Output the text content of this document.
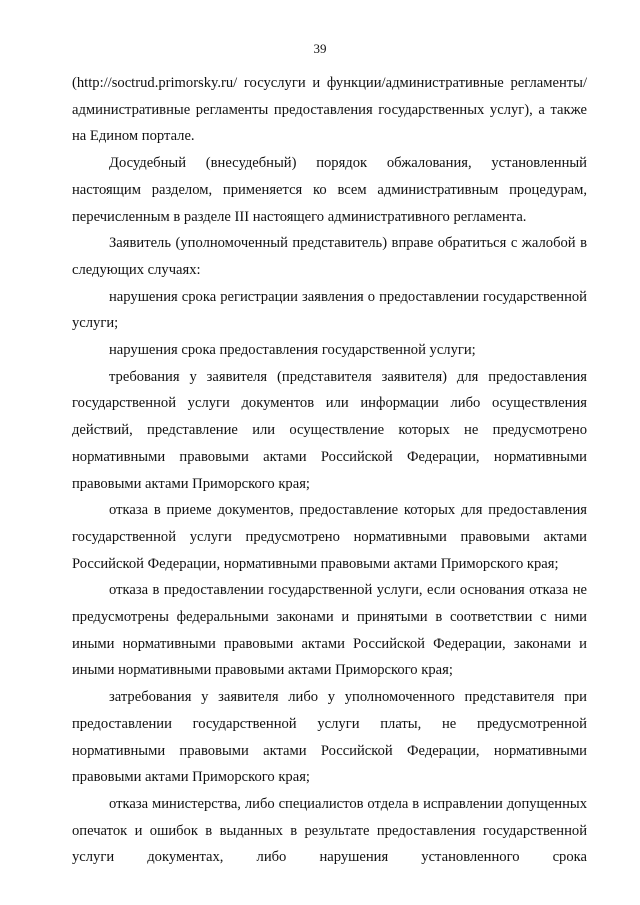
39

(http://soctrud.primorsky.ru/ госуслуги и функции/административные регламенты/административные регламенты предоставления государственных услуг), а также на Едином портале.

Досудебный (внесудебный) порядок обжалования, установленный настоящим разделом, применяется ко всем административным процедурам, перечисленным в разделе III настоящего административного регламента.

Заявитель (уполномоченный представитель) вправе обратиться с жалобой в следующих случаях:

нарушения срока регистрации заявления о предоставлении государственной услуги;

нарушения срока предоставления государственной услуги;

требования у заявителя (представителя заявителя) для предоставления государственной услуги документов или информации либо осуществления действий, представление или осуществление которых не предусмотрено нормативными правовыми актами Российской Федерации, нормативными правовыми актами Приморского края;

отказа в приеме документов, предоставление которых для предоставления государственной услуги предусмотрено нормативными правовыми актами Российской Федерации, нормативными правовыми актами Приморского края;

отказа в предоставлении государственной услуги, если основания отказа не предусмотрены федеральными законами и принятыми в соответствии с ними иными нормативными правовыми актами Российской Федерации, законами и иными нормативными правовыми актами Приморского края;

затребования у заявителя либо у уполномоченного представителя при предоставлении государственной услуги платы, не предусмотренной нормативными правовыми актами Российской Федерации, нормативными правовыми актами Приморского края;

отказа министерства, либо специалистов отдела в исправлении допущенных опечаток и ошибок в выданных в результате предоставления государственной услуги документах, либо нарушения установленного срока
